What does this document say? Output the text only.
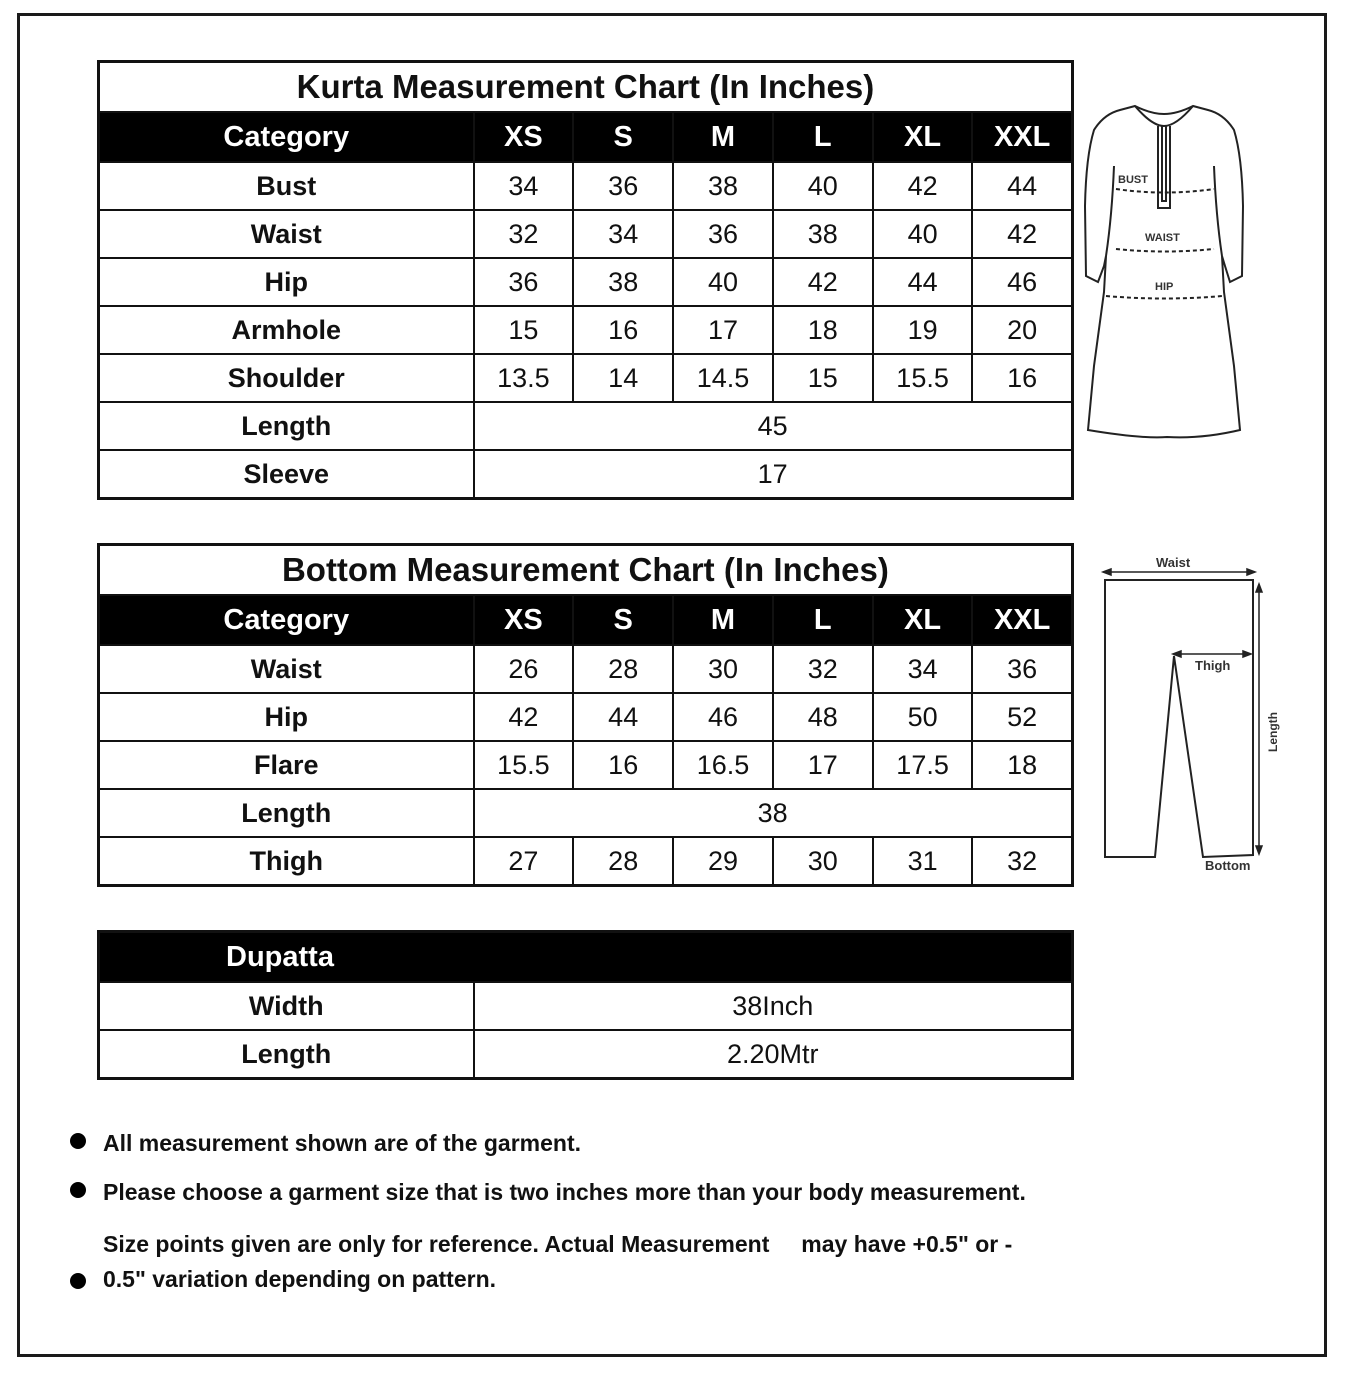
Kurta Measurement Chart (In Inches)						
Category	XS	S	M	L	XL	XXL
Bust	34	36	38	40	42	44
Waist	32	34	36	38	40	42
Hip	36	38	40	42	44	46
Armhole	15	16	17	18	19	20
Shoulder	13.5	14	14.5	15	15.5	16
Length	45					
Sleeve	17					
Bottom Measurement Chart (In Inches)						
Category	XS	S	M	L	XL	XXL
Waist	26	28	30	32	34	36
Hip	42	44	46	48	50	52
Flare	15.5	16	16.5	17	17.5	18
Length	38					
Thigh	27	28	29	30	31	32
Dupatta	
Width	38Inch
Length	2.20Mtr
BUST
WAIST
HIP
Waist
Thigh
Length
Bottom
All measurement shown are of the garment.
Please choose a garment size that is two inches more than your body measurement.
Size points given are only for reference. Actual Measurement     may have +0.5" or -
0.5" variation depending on pattern.
